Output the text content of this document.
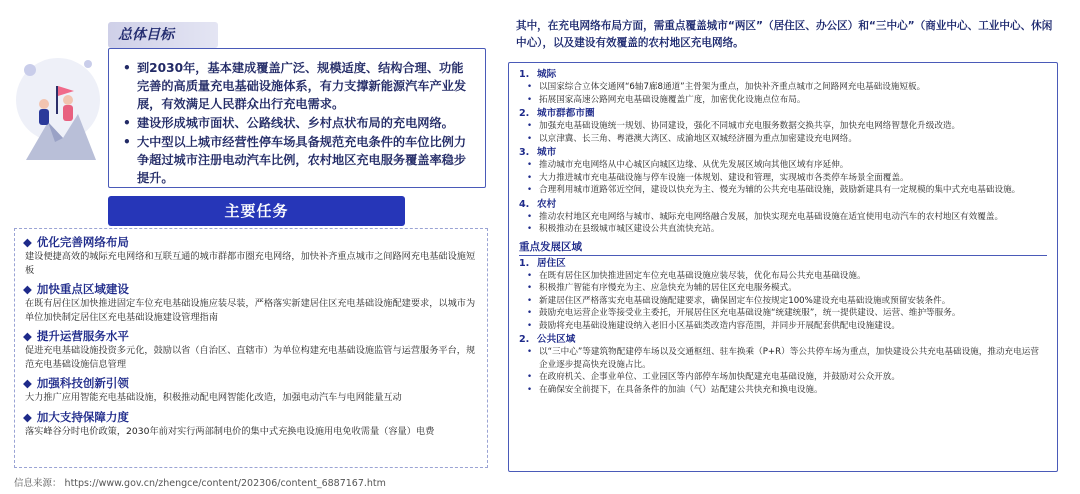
总体目标
• 到2030年，基本建成覆盖广泛、规模适度、结构合理、功能完善的高质量充电基础设施体系，有力支撑新能源汽车产业发展，有效满足人民群众出行充电需求。
• 建设形成城市面状、公路线状、乡村点状布局的充电网络。
• 大中型以上城市经营性停车场具备规范充电条件的车位比例力争超过城市注册电动汽车比例，农村地区充电服务覆盖率稳步提升。
主要任务
◆ 优化完善网络布局
建设便捷高效的城际充电网络和互联互通的城市群都市圈充电网络，加快补齐重点城市之间路网充电基础设施短板
◆ 加快重点区域建设
在既有居住区加快推进固定车位充电基础设施应装尽装，严格落实新建居住区充电基础设施配建要求，以城市为单位加快制定居住区充电基础设施建设管理指南
◆ 提升运营服务水平
促进充电基础设施投资多元化，鼓励以省（自治区、直辖市）为单位构建充电基础设施监管与运营服务平台，规范充电基础设施信息管理
◆ 加强科技创新引领
大力推广应用智能充电基础设施，积极推动配电网智能化改造，加强电动汽车与电网能量互动
◆ 加大支持保障力度
落实峰谷分时电价政策，2030年前对实行两部制电价的集中式充换电设施用电免收需量（容量）电费
信息来源： https://www.gov.cn/zhengce/content/202306/content_6887167.htm
其中，在充电网络布局方面，需重点覆盖城市“两区”（居住区、办公区）和“三中心”（商业中心、工业中心、休闲中心），以及建设有效覆盖的农村地区充电网络。
1. 城际
• 以国家综合立体交通网“6轴7廊8通道”主骨架为重点，加快补齐重点城市之间路网充电基础设施短板。
• 拓展国家高速公路网充电基础设施覆盖广度，加密优化设施点位布局。
2. 城市群都市圈
• 加强充电基础设施统一规划、协同建设，强化不同城市充电服务数据交换共享，加快充电网络智慧化升级改造。
• 以京津冀、长三角、粤港澳大湾区、成渝地区双城经济圈为重点加密建设充电网络。
3. 城市
• 推动城市充电网络从中心城区向城区边缘、从优先发展区域向其他区域有序延伸。
• 大力推进城市充电基础设施与停车设施一体规划、建设和管理，实现城市各类停车场景全面覆盖。
• 合理利用城市道路邻近空间，建设以快充为主、慢充为辅的公共充电基础设施，鼓励新建具有一定规模的集中式充电基础设施。
4. 农村
• 推动农村地区充电网络与城市、城际充电网络融合发展，加快实现充电基础设施在适宜使用电动汽车的农村地区有效覆盖。
• 积极推动在县级城市城区建设公共直流快充站。
重点发展区域
1. 居住区
• 在既有居住区加快推进固定车位充电基础设施应装尽装，优化布局公共充电基础设施。
• 积极推广智能有序慢充为主、应急快充为辅的居住区充电服务模式。
• 新建居住区严格落实充电基础设施配建要求，确保固定车位按规定100%建设充电基础设施或预留安装条件。
• 鼓励充电运营企业等接受业主委托，开展居住区充电基础设施“统建统服”，统一提供建设、运营、维护等服务。
• 鼓励将充电基础设施建设纳入老旧小区基础类改造内容范围，并同步开展配套供配电设施建设。
2. 公共区域
• 以“三中心”等建筑物配建停车场以及交通枢纽、驻车换乘（P+R）等公共停车场为重点，加快建设公共充电基础设施，推动充电运营企业逐步提高快充设施占比。
• 在政府机关、企事业单位、工业园区等内部停车场加快配建充电基础设施，并鼓励对公众开放。
• 在确保安全前提下，在具备条件的加油（气）站配建公共快充和换电设施。
